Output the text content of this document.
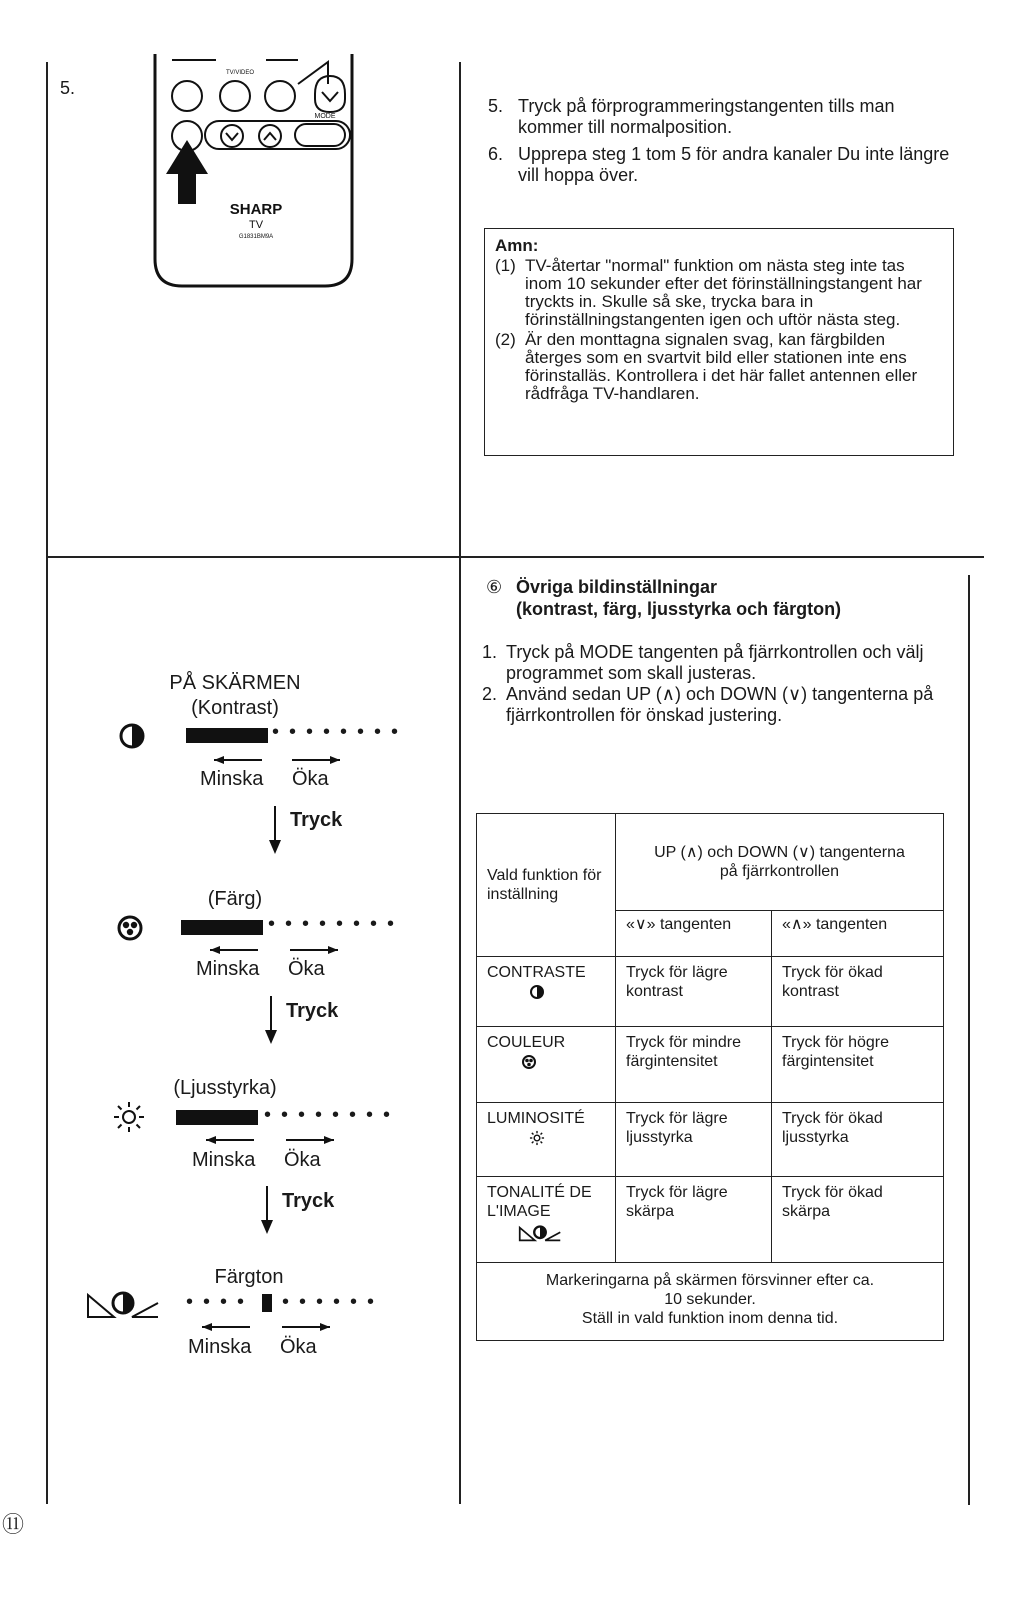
5.
SHARP
TV
G1831BM9A
TV/VIDEO
MODE
5. Tryck på förprogrammeringstangenten tills man kommer till normalposition.
6. Upprepa steg 1 tom 5 för andra kanaler Du inte längre vill hoppa över.
Amn:
(1) TV-återtar "normal" funktion om nästa steg inte tas inom 10 sekunder efter det förinställningstangent har tryckts in. Skulle så ske, trycka bara in förinställningstangenten igen och uftör nästa steg.
(2) Är den monttagna signalen svag, kan färgbilden återges som en svartvit bild eller stationen inte ens förinstalläs. Kontrollera i det här fallet antennen eller rådfråga TV-handlaren.
PÅ SKÄRMEN
(Kontrast)
••••••••
Minska Öka
Tryck
(Färg)
••••••••
Minska Öka
Tryck
(Ljusstyrka)
••••••••
Minska Öka
Tryck
Färgton
•••• ••••••
Minska Öka
⑥ Övriga bildinställningar
(kontrast, färg, ljusstyrka och färgton)
1. Tryck på MODE tangenten på fjärrkontrollen och välj programmet som skall justeras.
2. Använd sedan UP (∧) och DOWN (∨) tangenterna på fjärrkontrollen för önskad justering.
Vald funktion för inställning	UP (∧) och DOWN (∨) tangenterna på fjärrkontrollen	
	«∨» tangenten	«∧» tangenten

CONTRASTE	Tryck för lägre kontrast	Tryck för ökad kontrast

COULEUR	Tryck för mindre färgintensitet	Tryck för högre färgintensitet

LUMINOSITÉ	Tryck för lägre ljusstyrka	Tryck för ökad ljusstyrka

TONALITÉ DE L'IMAGE	Tryck för lägre skärpa	Tryck för ökad skärpa

Markeringarna på skärmen försvinner efter ca.
10 sekunder.
Ställ in vald funktion inom denna tid.		
⑪
